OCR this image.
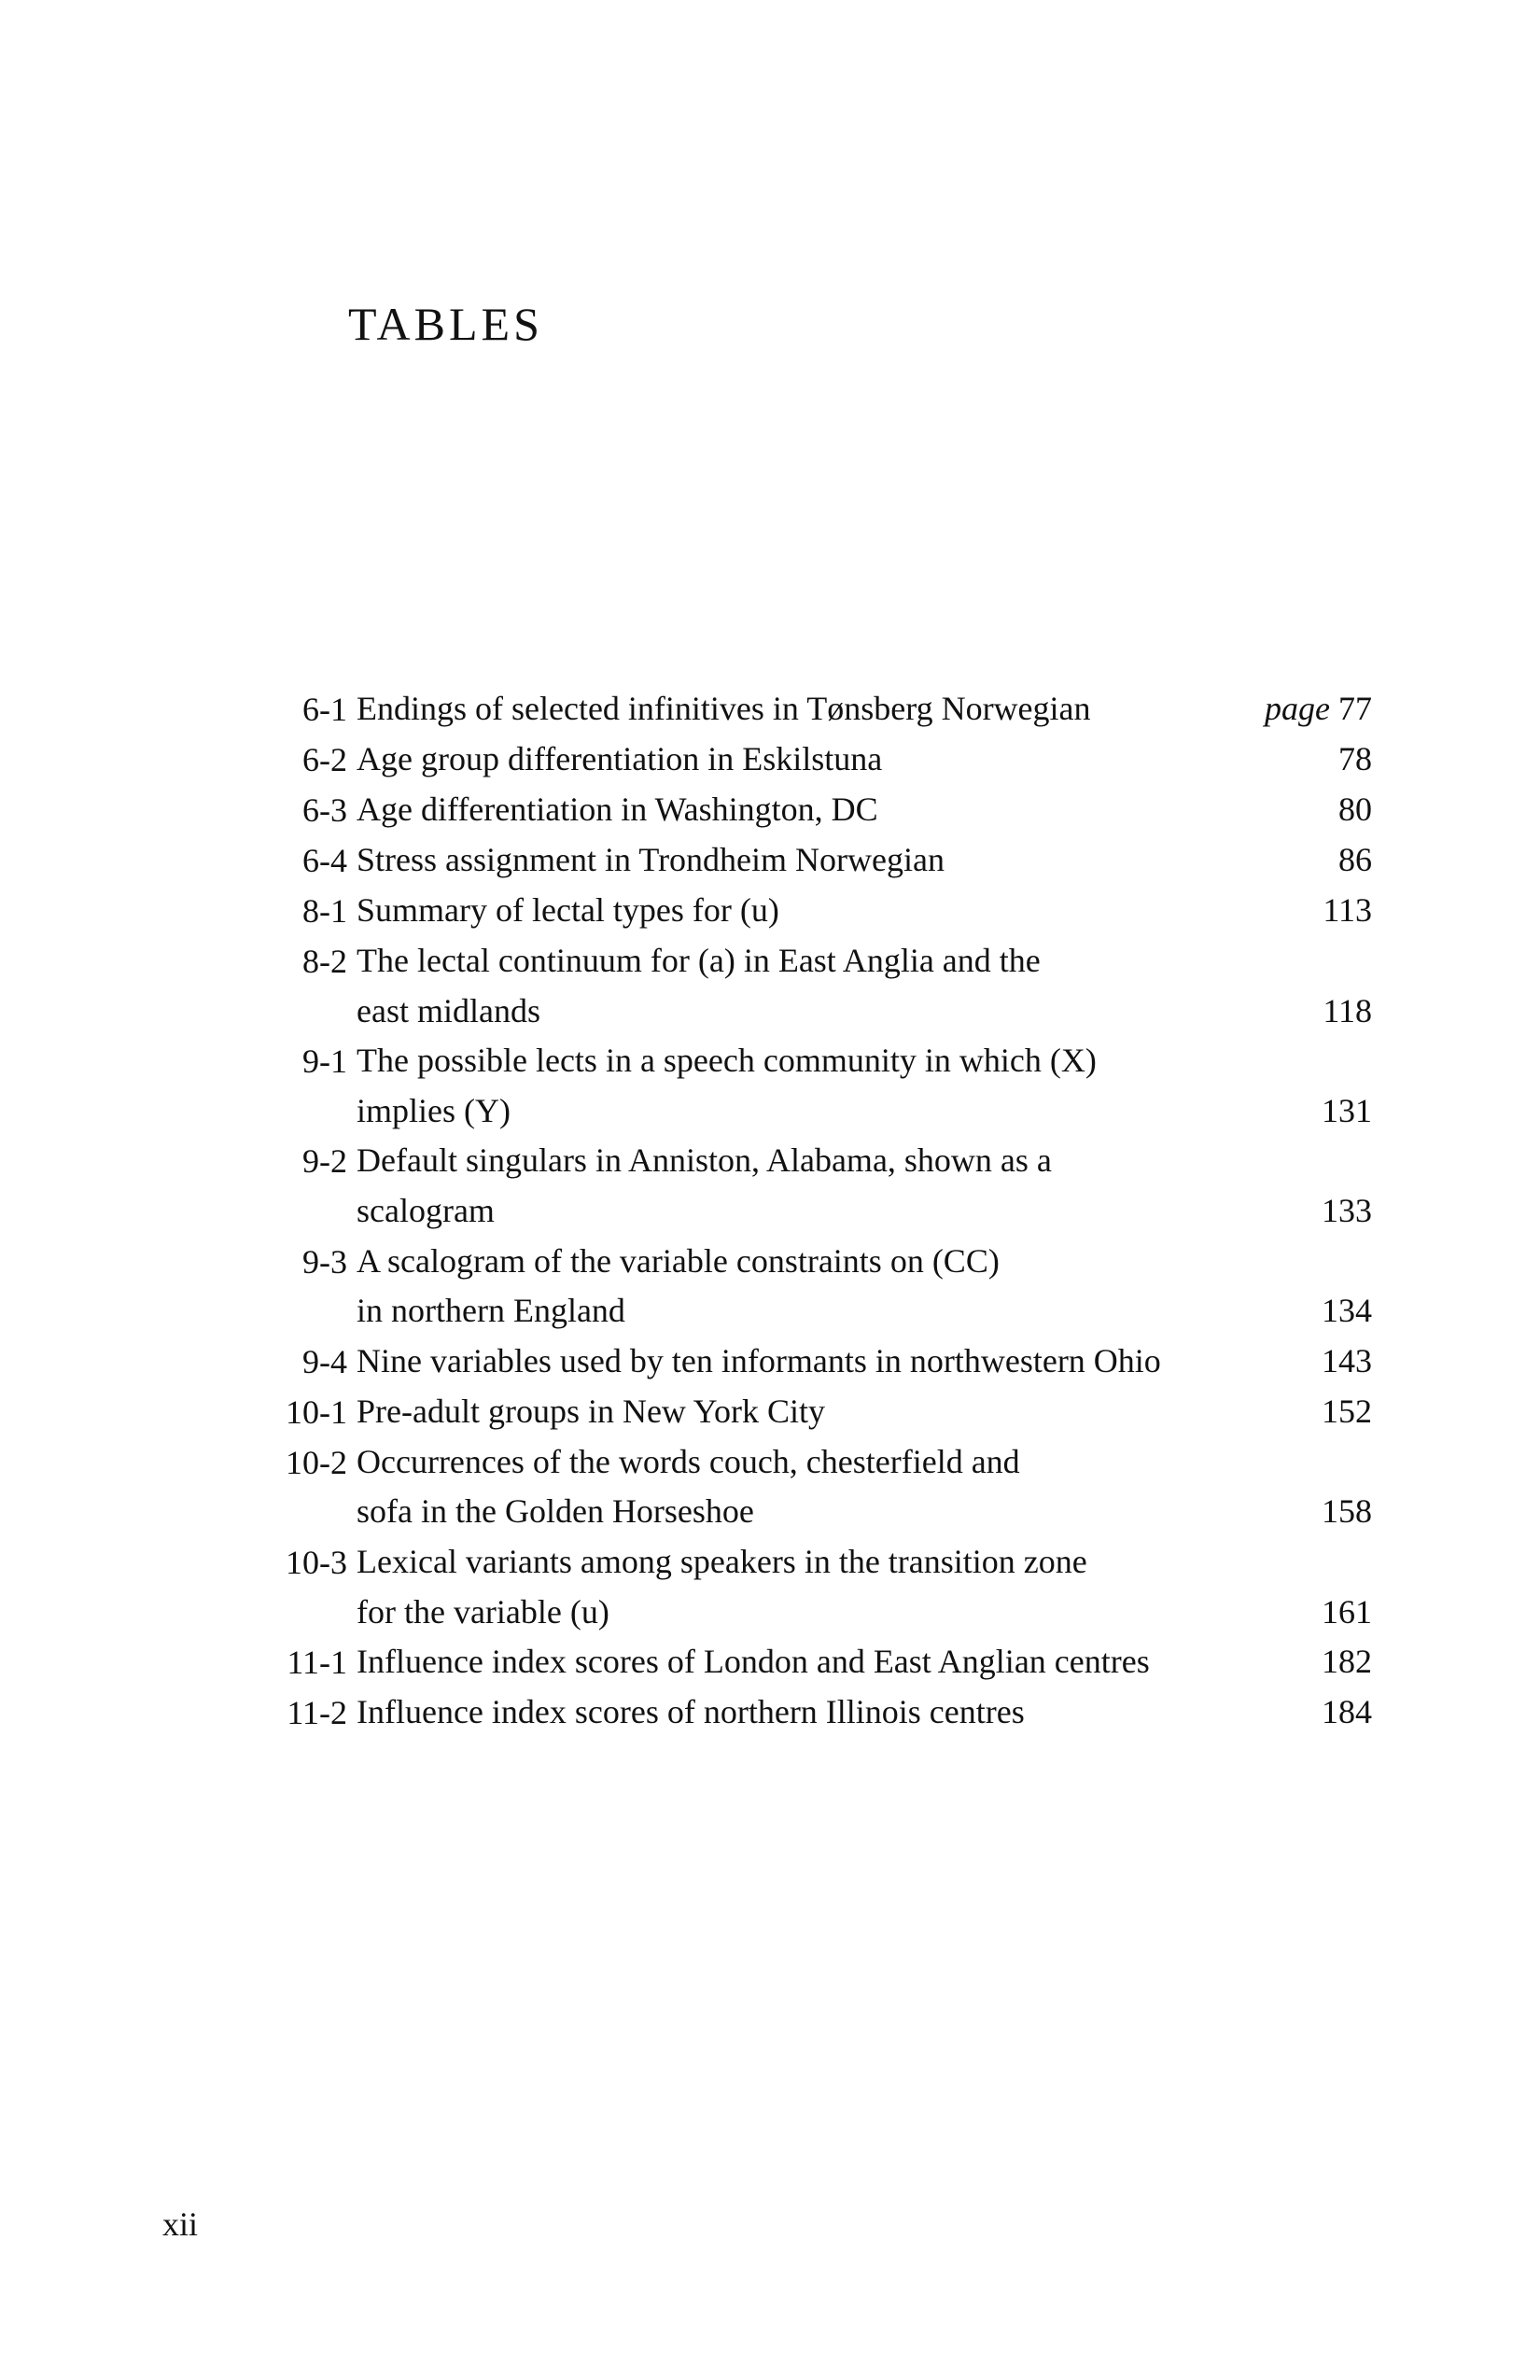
TABLES
6-1 Endings of selected infinitives in Tønsberg Norwegian	page 77
6-2 Age group differentiation in Eskilstuna	78
6-3 Age differentiation in Washington, DC	80
6-4 Stress assignment in Trondheim Norwegian	86
8-1 Summary of lectal types for (u)	113
8-2 The lectal continuum for (a) in East Anglia and the
east midlands	118
9-1 The possible lects in a speech community in which (X)
implies (Y)	131
9-2 Default singulars in Anniston, Alabama, shown as a
scalogram	133
9-3 A scalogram of the variable constraints on (CC)
in northern England	134
9-4 Nine variables used by ten informants in northwestern Ohio	143
10-1 Pre-adult groups in New York City	152
10-2 Occurrences of the words couch, chesterfield and
sofa in the Golden Horseshoe	158
10-3 Lexical variants among speakers in the transition zone
for the variable (u)	161
11-1 Influence index scores of London and East Anglian centres	182
11-2 Influence index scores of northern Illinois centres	184
xii
